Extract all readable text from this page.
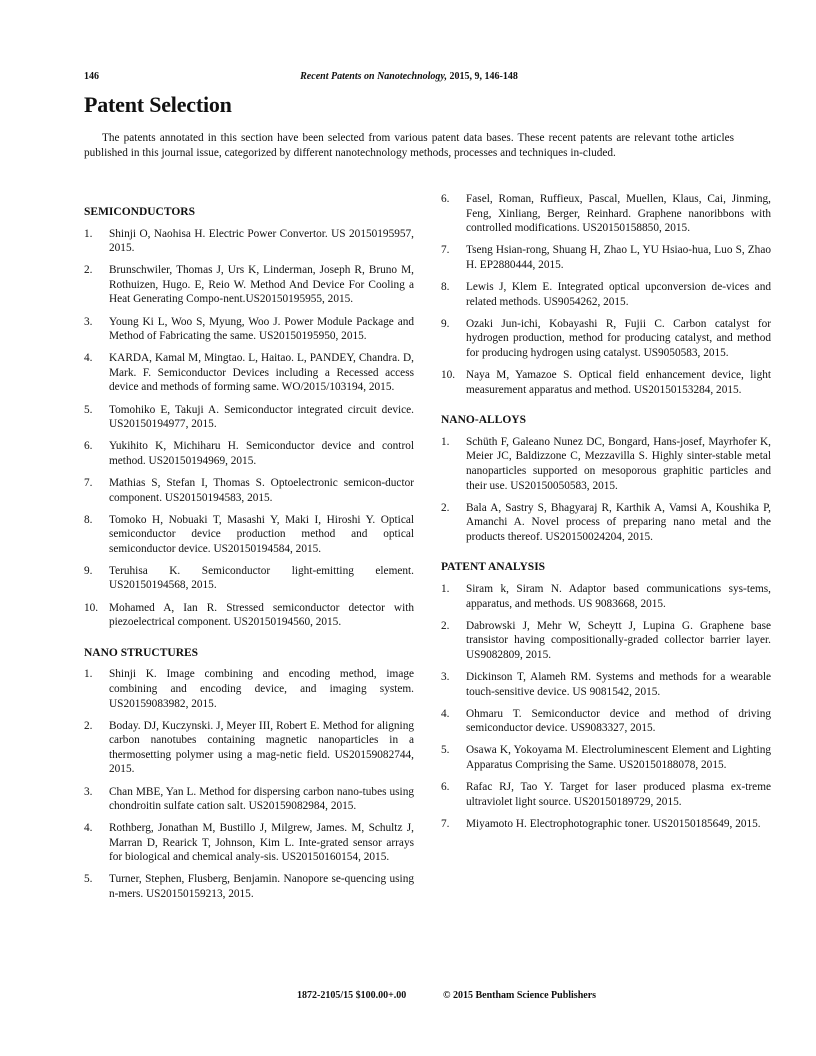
146	Recent Patents on Nanotechnology, 2015, 9, 146-148
Patent Selection

The patents annotated in this section have been selected from various patent data bases. These recent patents are relevant tothe articles published in this journal issue, categorized by different nanotechnology methods, processes and techniques in-cluded.

SEMICONDUCTORS
1. Shinji O, Naohisa H. Electric Power Convertor. US 20150195957, 2015.
2. Brunschwiler, Thomas J, Urs K, Linderman, Joseph R, Bruno M, Rothuizen, Hugo. E, Reio W. Method And Device For Cooling a Heat Generating Compo-nent.US20150195955, 2015.
3. Young Ki L, Woo S, Myung, Woo J. Power Module Package and Method of Fabricating the same. US20150195950, 2015.
4. KARDA, Kamal M, Mingtao. L, Haitao. L, PANDEY, Chandra. D, Mark. F. Semiconductor Devices including a Recessed access device and methods of forming same. WO/2015/103194, 2015.
5. Tomohiko E, Takuji A. Semiconductor integrated circuit device. US20150194977, 2015.
6. Yukihito K, Michiharu H. Semiconductor device and control method. US20150194969, 2015.
7. Mathias S, Stefan I, Thomas S. Optoelectronic semicon-ductor component. US20150194583, 2015.
8. Tomoko H, Nobuaki T, Masashi Y, Maki I, Hiroshi Y. Optical semiconductor device production method and optical semiconductor device. US20150194584, 2015.
9. Teruhisa K. Semiconductor light-emitting element. US20150194568, 2015.
10. Mohamed A, Ian R. Stressed semiconductor detector with piezoelectrical component. US20150194560, 2015.
NANO STRUCTURES
1. Shinji K. Image combining and encoding method, image combining and encoding device, and imaging system. US20159083982, 2015.
2. Boday. DJ, Kuczynski. J, Meyer III, Robert E. Method for aligning carbon nanotubes containing magnetic nanoparticles in a thermosetting polymer using a mag-netic field. US20159082744, 2015.
3. Chan MBE, Yan L. Method for dispersing carbon nano-tubes using chondroitin sulfate cation salt. US20159082984, 2015.
4. Rothberg, Jonathan M, Bustillo J, Milgrew, James. M, Schultz J, Marran D, Rearick T, Johnson, Kim L. Inte-grated sensor arrays for biological and chemical analy-sis. US20150160154, 2015.
5. Turner, Stephen, Flusberg, Benjamin. Nanopore se-quencing using n-mers. US20150159213, 2015.
6. Fasel, Roman, Ruffieux, Pascal, Muellen, Klaus, Cai, Jinming, Feng, Xinliang, Berger, Reinhard. Graphene nanoribbons with controlled modifications. US20150158850, 2015.
7. Tseng Hsian-rong, Shuang H, Zhao L, YU Hsiao-hua, Luo S, Zhao H. EP2880444, 2015.
8. Lewis J, Klem E. Integrated optical upconversion de-vices and related methods. US9054262, 2015.
9. Ozaki Jun-ichi, Kobayashi R, Fujii C. Carbon catalyst for hydrogen production, method for producing catalyst, and method for producing hydrogen using catalyst. US9050583, 2015.
10. Naya M, Yamazoe S. Optical field enhancement device, light measurement apparatus and method. US20150153284, 2015.
NANO-ALLOYS
1. Schüth F, Galeano Nunez DC, Bongard, Hans-josef, Mayrhofer K, Meier JC, Baldizzone C, Mezzavilla S. Highly sinter-stable metal nanoparticles supported on mesoporous graphitic particles and their use. US20150050583, 2015.
2. Bala A, Sastry S, Bhagyaraj R, Karthik A, Vamsi A, Koushika P, Amanchi A. Novel process of preparing nano metal and the products thereof. US20150024204, 2015.
PATENT ANALYSIS
1. Siram k, Siram N. Adaptor based communications sys-tems, apparatus, and methods. US 9083668, 2015.
2. Dabrowski J, Mehr W, Scheytt J, Lupina G. Graphene base transistor having compositionally-graded collector barrier layer. US9082809, 2015.
3. Dickinson T, Alameh RM. Systems and methods for a wearable touch-sensitive device. US 9081542, 2015.
4. Ohmaru T. Semiconductor device and method of driving semiconductor device. US9083327, 2015.
5. Osawa K, Yokoyama M. Electroluminescent Element and Lighting Apparatus Comprising the Same. US20150188078, 2015.
6. Rafac RJ, Tao Y. Target for laser produced plasma ex-treme ultraviolet light source. US20150189729, 2015.
7. Miyamoto H. Electrophotographic toner. US20150185649, 2015.
1872-2105/15 $100.00+.00	© 2015 Bentham Science Publishers
